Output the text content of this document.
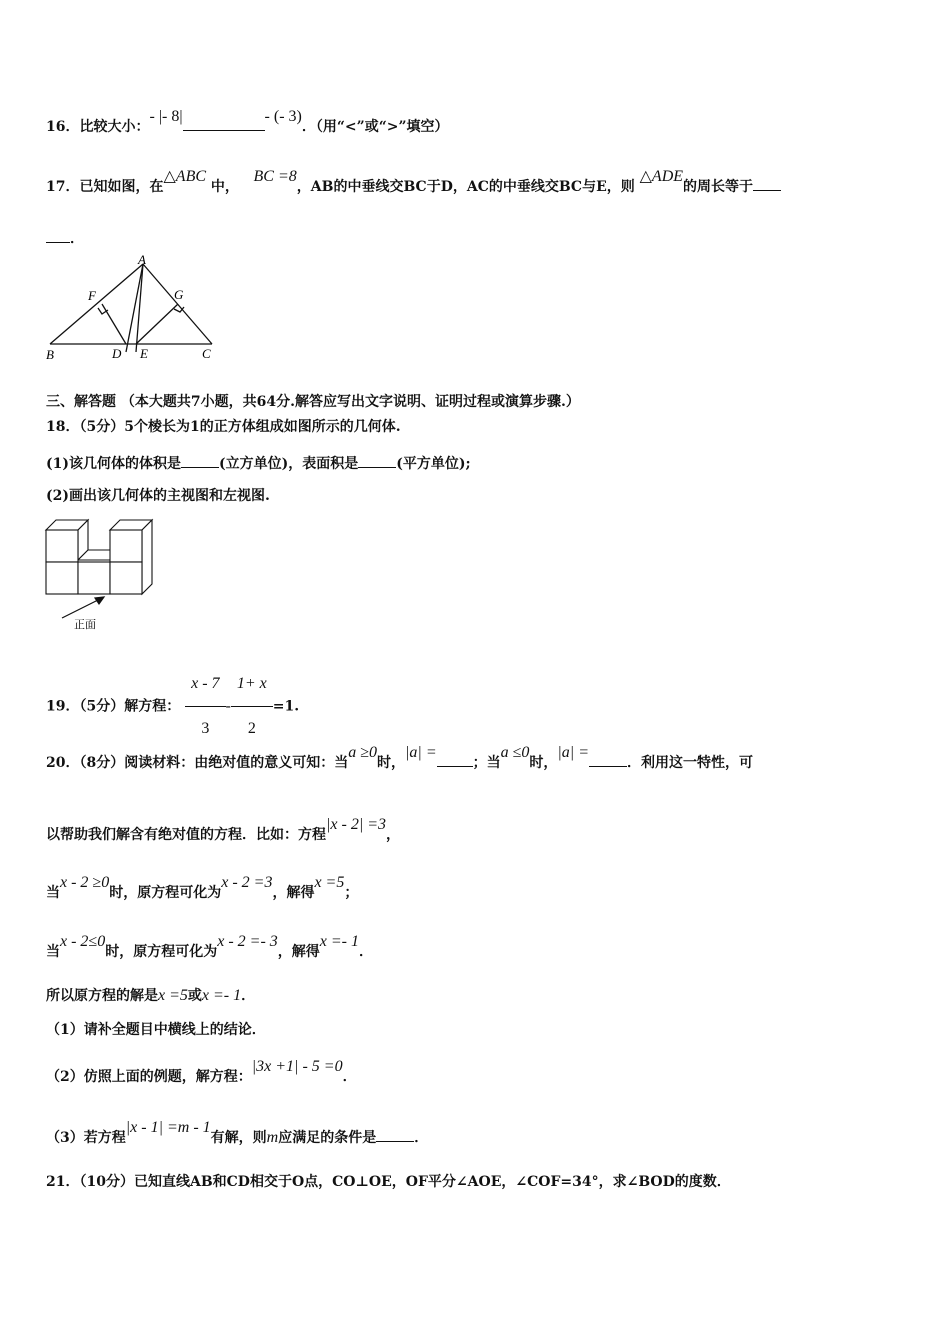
16．比较大小：- |- 8|	- (- 3)．（用“<”或“>”填空）
17．已知如图，在△ABC 中，   BC =8，AB的中垂线交BC于D，AC的中垂线交BC与E，则 △ADE的周长等于
．
A
F	G
B	D E	C
三、解答题 （本大题共7小题，共64分.解答应写出文字说明、证明过程或演算步骤.）
18．（5分）5个棱长为1的正方体组成如图所示的几何体.
(1)该几何体的体积是	(立方单位)，表面积是	(平方单位);
(2)画出该几何体的主视图和左视图.
正面
19．（5分）解方程： $\frac{x - 7}{3} - \frac{1+ x}{2} =1$.
20．（8分）阅读材料：由绝对值的意义可知：当a ≥0时，|a| =；当a ≤0时，|a| =．利用这一特性，可
以帮助我们解含有绝对值的方程．比如：方程|x - 2| =3，
当x - 2 ≥0时，原方程可化为x - 2 =3，解得x =5；
当x - 2≤0时，原方程可化为x - 2 =- 3，解得x =- 1．
所以原方程的解是x =5或x =- 1．
（1）请补全题目中横线上的结论．
（2）仿照上面的例题，解方程：|3x +1| - 5 =0．
（3）若方程|x - 1| =m - 1有解，则m应满足的条件是	．
21．（10分）已知直线AB和CD相交于O点，CO⊥OE，OF平分∠AOE，∠COF=34°，求∠BOD的度数．
